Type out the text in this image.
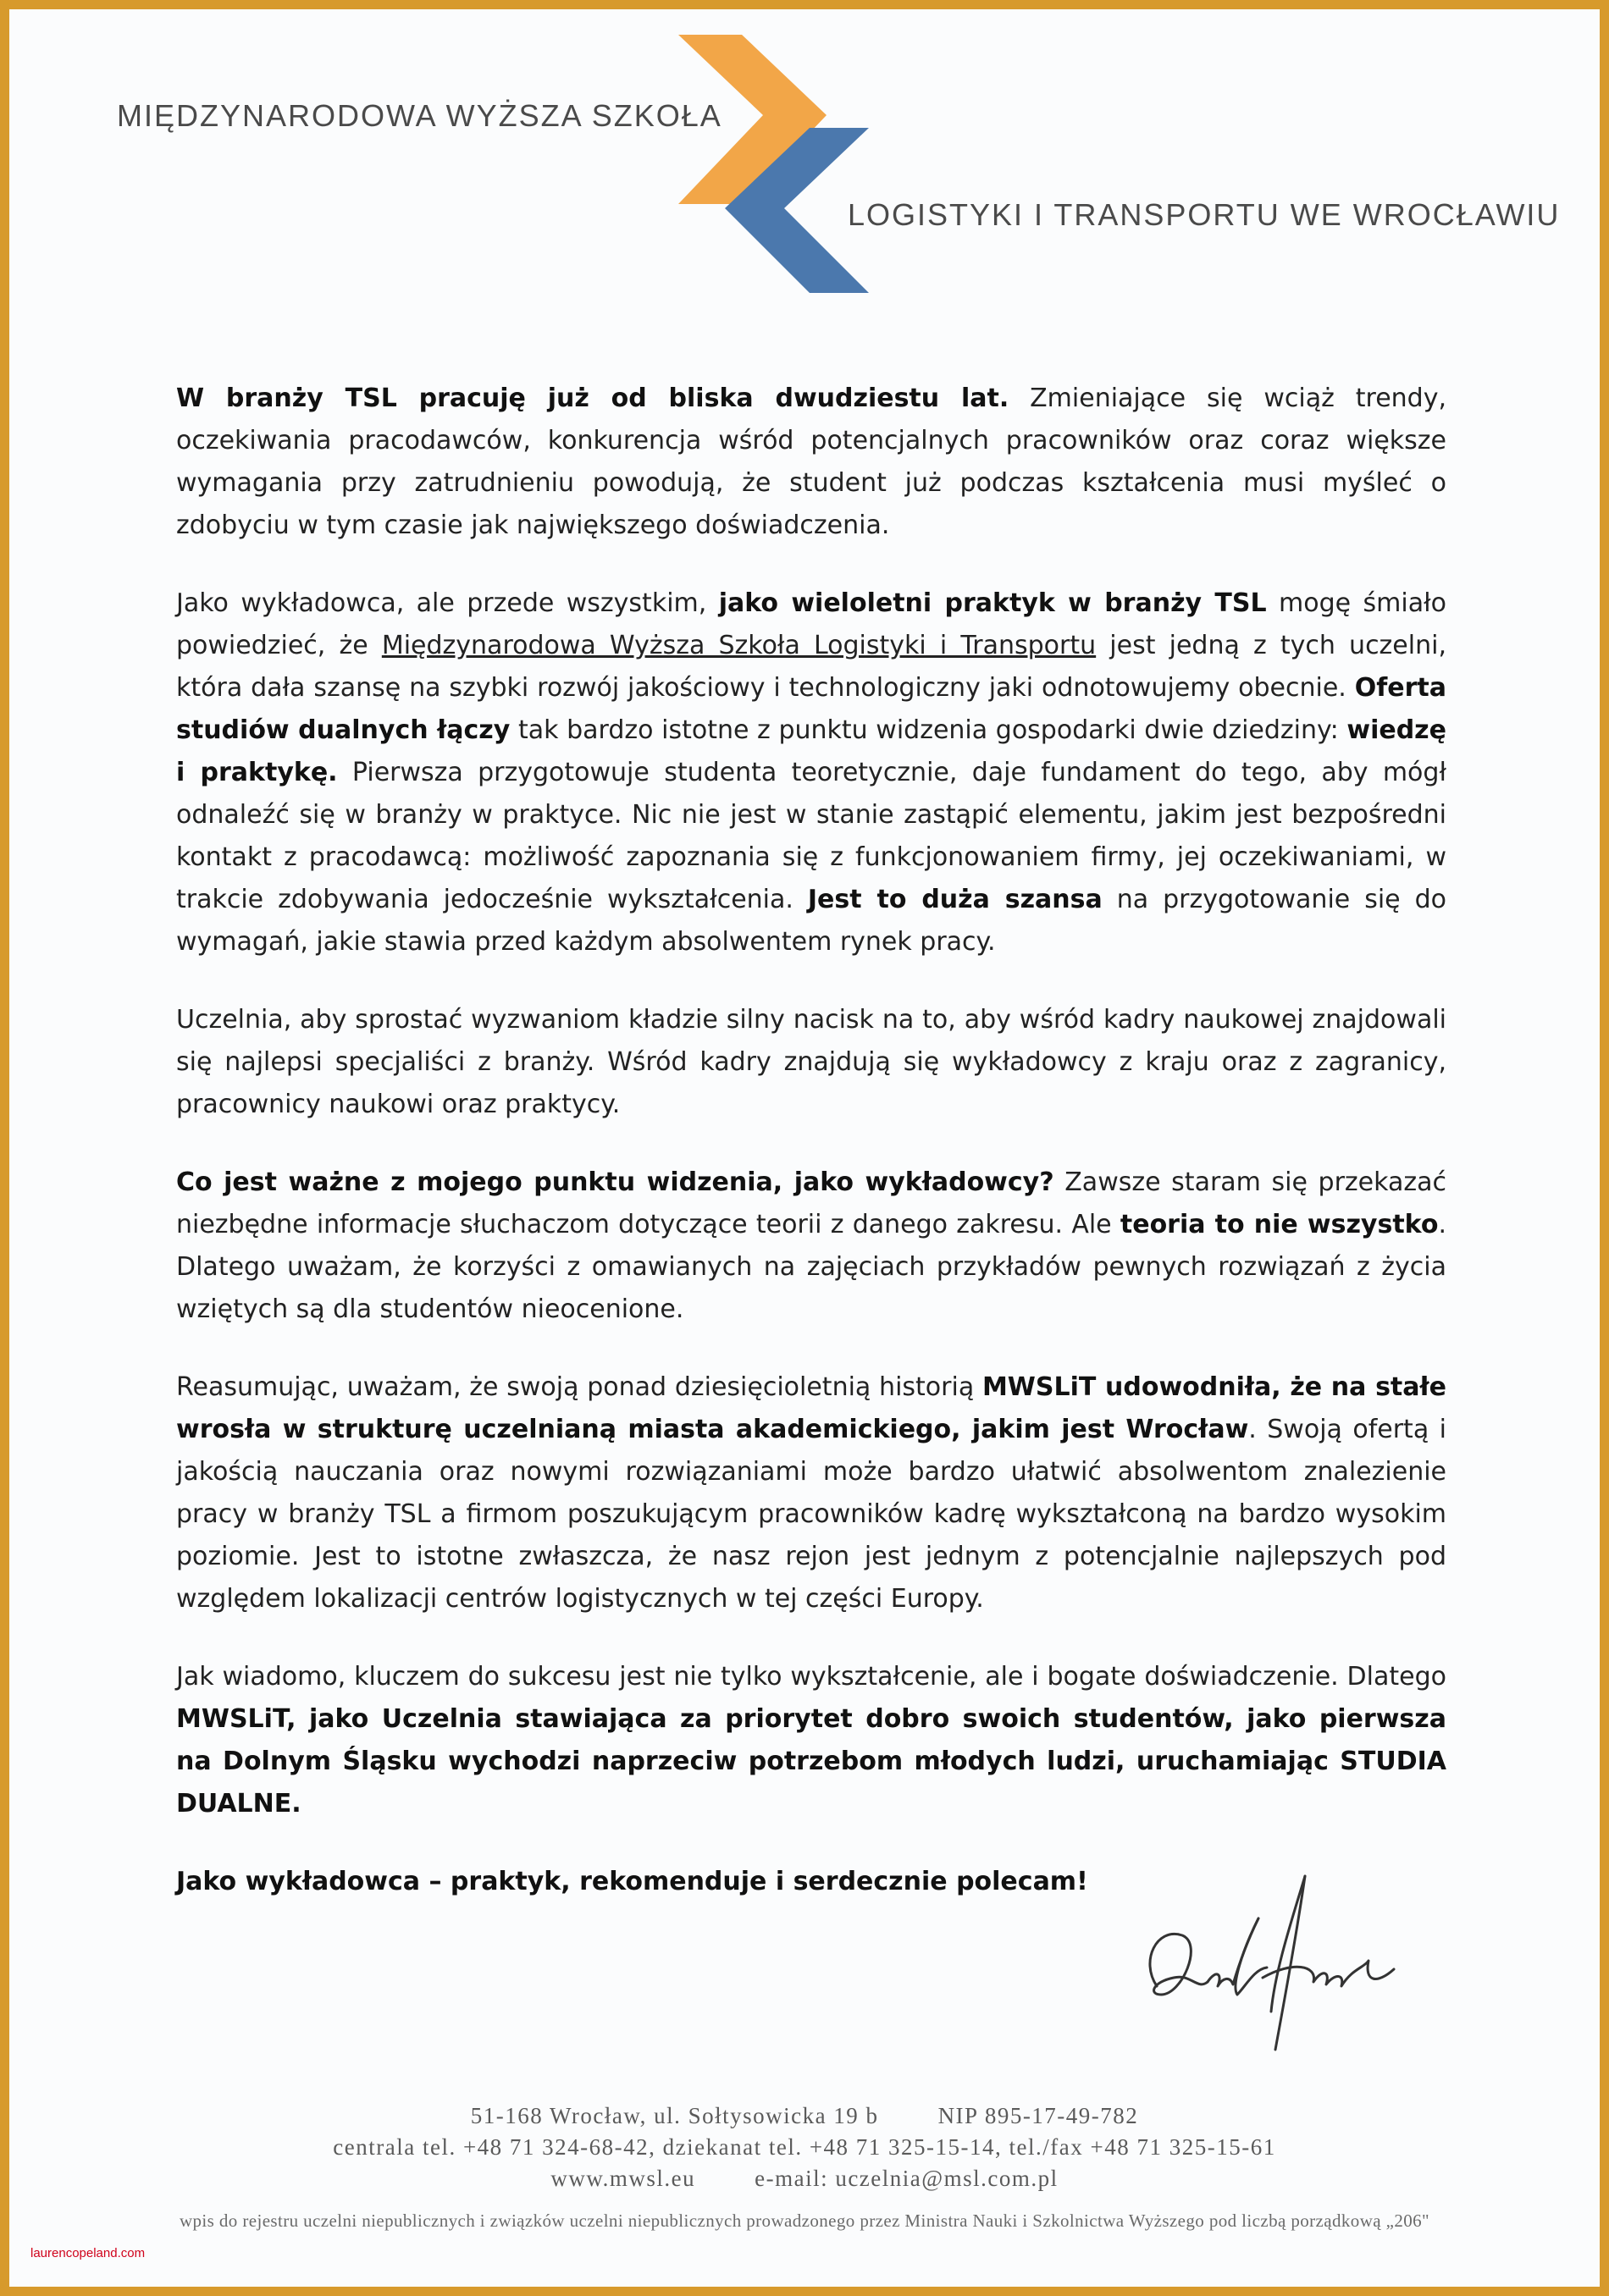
MIĘDZYNARODOWA WYŻSZA SZKOŁA
LOGISTYKI I TRANSPORTU WE WROCŁAWIU

W branży TSL pracuję już od bliska dwudziestu lat. Zmieniające się wciąż trendy, oczekiwania pracodawców, konkurencja wśród potencjalnych pracowników oraz coraz większe wymagania przy zatrudnieniu powodują, że student już podczas kształcenia musi myśleć o zdobyciu w tym czasie jak największego doświadczenia.

Jako wykładowca, ale przede wszystkim, jako wieloletni praktyk w branży TSL mogę śmiało powiedzieć, że Międzynarodowa Wyższa Szkoła Logistyki i Transportu jest jedną z tych uczelni, która dała szansę na szybki rozwój jakościowy i technologiczny jaki odnotowujemy obecnie. Oferta studiów dualnych łączy tak bardzo istotne z punktu widzenia gospodarki dwie dziedziny: wiedzę i praktykę. Pierwsza przygotowuje studenta teoretycznie, daje fundament do tego, aby mógł odnaleźć się w branży w praktyce. Nic nie jest w stanie zastąpić elementu, jakim jest bezpośredni kontakt z pracodawcą: możliwość zapoznania się z funkcjonowaniem firmy, jej oczekiwaniami, w trakcie zdobywania jedocześnie wykształcenia. Jest to duża szansa na przygotowanie się do wymagań, jakie stawia przed każdym absolwentem rynek pracy.

Uczelnia, aby sprostać wyzwaniom kładzie silny nacisk na to, aby wśród kadry naukowej znajdowali się najlepsi specjaliści z branży. Wśród kadry znajdują się wykładowcy z kraju oraz z zagranicy, pracownicy naukowi oraz praktycy.

Co jest ważne z mojego punktu widzenia, jako wykładowcy? Zawsze staram się przekazać niezbędne informacje słuchaczom dotyczące teorii z danego zakresu. Ale teoria to nie wszystko. Dlatego uważam, że korzyści z omawianych na zajęciach przykładów pewnych rozwiązań z życia wziętych są dla studentów nieocenione.

Reasumując, uważam, że swoją ponad dziesięcioletnią historią MWSLiT udowodniła, że na stałe wrosła w strukturę uczelnianą miasta akademickiego, jakim jest Wrocław. Swoją ofertą i jakością nauczania oraz nowymi rozwiązaniami może bardzo ułatwić absolwentom znalezienie pracy w branży TSL a firmom poszukującym pracowników kadrę wykształconą na bardzo wysokim poziomie. Jest to istotne zwłaszcza, że nasz rejon jest jednym z potencjalnie najlepszych pod względem lokalizacji centrów logistycznych w tej części Europy.

Jak wiadomo, kluczem do sukcesu jest nie tylko wykształcenie, ale i bogate doświadczenie. Dlatego MWSLiT, jako Uczelnia stawiająca za priorytet dobro swoich studentów, jako pierwsza na Dolnym Śląsku wychodzi naprzeciw potrzebom młodych ludzi, uruchamiając STUDIA DUALNE.

Jako wykładowca – praktyk, rekomenduje i serdecznie polecam!

51-168 Wrocław, ul. Sołtysowicka 19 b	NIP 895-17-49-782
centrala tel. +48 71 324-68-42, dziekanat tel. +48 71 325-15-14, tel./fax +48 71 325-15-61
www.mwsl.eu	e-mail: uczelnia@msl.com.pl
wpis do rejestru uczelni niepublicznych i związków uczelni niepublicznych prowadzonego przez Ministra Nauki i Szkolnictwa Wyższego pod liczbą porządkową „206"
laurencopeland.com
